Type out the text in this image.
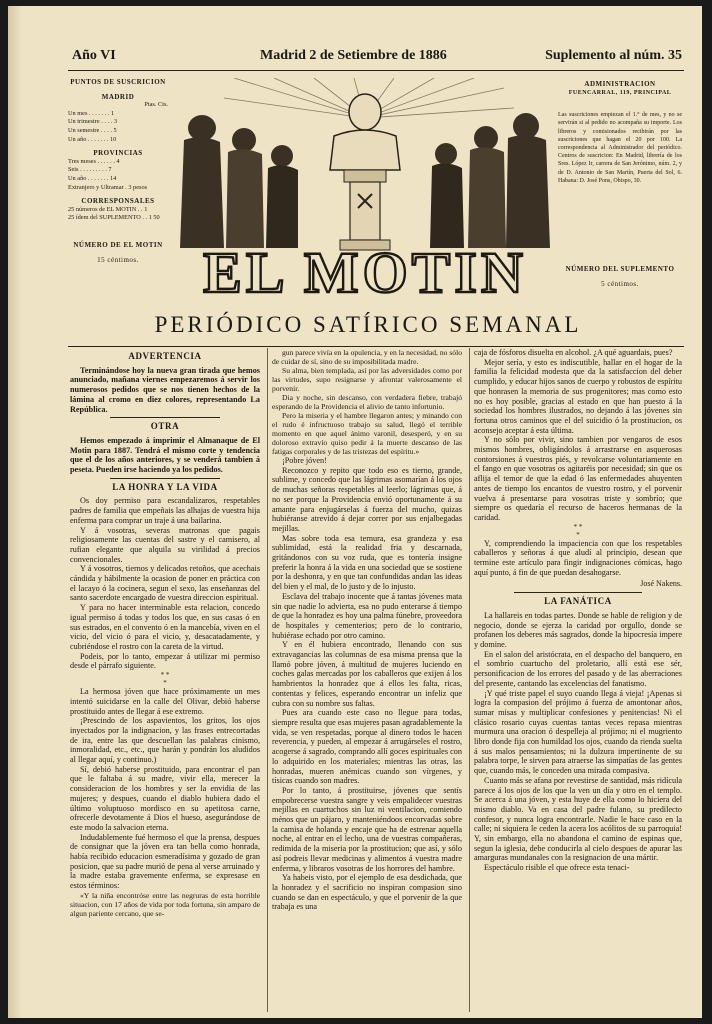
Año VI	Madrid 2 de Setiembre de 1886	Suplemento al núm. 35
PUNTOS DE SUSCRICION
MADRID
Ptas. Cts.
Un mes . . . . . . . 1
Un trimestre . . . . 3
Un semestre . . . . 5
Un año . . . . . . . 10
PROVINCIAS
Tres meses . . . . . . 4
Seis . . . . . . . . . 7
Un año . . . . . . . 14
Extranjero y Ultramar . 3 pesos
CORRESPONSALES
25 números de EL MOTIN . . 1
25 ídem del SUPLEMENTO . . 1 50
NÚMERO DE EL MOTIN
15 céntimos.
ADMINISTRACION
FUENCARRAL, 119, PRINCIPAL
Las suscriciones empiezan el 1.° de mes, y no se servirán si al pedido no acompaña su importe. Los libreros y comisionados recibirán por las suscriciones que hagan el 20 por 100. La correspondencia al Administrador del periódico. Centros de suscricion: En Madrid, librería de los Sres. López Ir, carrera de San Jerónimo, núm. 2, y de D. Antonio de San Martín, Puerta del Sol, 6. Habana: D. José Pons, Obispo, 30.
NÚMERO DEL SUPLEMENTO
5 céntimos.
EL MOTIN
PERIÓDICO SATÍRICO SEMANAL
ADVERTENCIA

Terminándose hoy la nueva gran tirada que hemos anunciado, mañana viernes empezaremos á servir los numerosos pedidos que se nos tienen hechos de la lámina al cromo en diez colores, representando La República.

OTRA

Hemos empezado á imprimir el Almanaque de El Motin para 1887. Tendrá el mismo corte y tendencia que el de los años anteriores, y se venderá tambien á peseta. Pueden irse haciendo ya los pedidos.

LA HONRA Y LA VIDA

Os doy permiso para escandalizaros, respetables padres de familia que empeñais las alhajas de vuestra hija enferma para comprar un traje á una bailarina.

Y á vosotras, severas matronas que pagais religiosamente las cuentas del sastre y el camisero, al rufian elegante que alquila su virilidad á precios convencionales.

Y á vosotros, tiernos y delicados retoños, que acechais cándida y hábilmente la ocasion de poner en práctica con el lacayo ó la cocinera, segun el sexo, las enseñanzas del santo sacerdote encargado de vuestra direccion espiritual.

Y para no hacer interminable esta relacion, concedo igual permiso á todas y todos los que, en sus casas ó en sus estrados, en el convento ó en la mancebía, viven en el vicio, del vicio ó para el vicio, y, desacatadamente, y cubriéndose el rostro con la careta de la virtud.

Podeis, por lo tanto, empezar á utilizar mi permiso desde el párrafo siguiente.

* *
*

La hermosa jóven que hace próximamente un mes intentó suicidarse en la calle del Olivar, debió haberse prostituido antes de llegar á ese extremo.

¡Prescindo de los aspavientos, los gritos, los ojos inyectados por la indignacion, y las frases entrecortadas de ira, entre las que descuellan las palabras cinismo, inmoralidad, etc., etc., que harán y pondrán los aludidos al llegar aquí, y continuo.)

Sí, debió haberse prostituido, para encontrar el pan que le faltaba á su madre, vivir ella, merecer la consideracion de los hombres y ser la envidia de las mujeres; y despues, cuando el diablo hubiera dado el último voluptuoso mordisco en su apetitosa carne, ofrecerle devotamente á Dios el hueso, asegurándose de este modo la salvacion eterna.

Indudablemente fué hermoso el que la prensa, despues de consignar que la jóven era tan bella como honrada, había recibido educacion esmeradísima y gozado de gran posicion, que su padre murió de pena al verse arruinado y la madre estaba gravemente enferma, se expresase en estos términos:

«Y la niña encontróse entre las negruras de esta horrible situacion, con 17 años de vida por toda fortuna, sin amparo de algun pariente cercano, que se-

gun parece vivía en la opulencia, y en la necesidad, no sólo de cuidar de sí, sino de su imposibilitada madre.

Su alma, bien templada, así por las adversidades como por las virtudes, supo resignarse y afrontar valerosamente el porvenir.

Dia y noche, sin descanso, con verdadera fiebre, trabajó esperando de la Providencia el alivio de tanto infortunio.

Pero la miseria y el hambre llegaron antes; y minando con el rudo é infructuoso trabajo su salud, llegó el terrible momento en que aquel ánimo varonil, desesperó, y en su doloroso extravío quiso pedir á la muerte descanso de las fatigas corporales y de las tristezas del espíritu.»

¡Pobre jóven!

Reconozco y repito que todo eso es tierno, grande, sublime, y concedo que las lágrimas asomarían á los ojos de muchas señoras respetables al leerlo; lágrimas que, á no ser porque la Providencia envió oportunamente á su amante para enjugárselas á fuerza del mucho, quizas hubiéranse atrevido á dejar correr por sus enjalbegadas mejillas.

Mas sobre toda esa ternura, esa grandeza y esa sublimidad, está la realidad fria y descarnada, gritándonos con su voz ruda, que es tontería insigne preferir la honra á la vida en una sociedad que se sostiene por la deshonra, y en que tan confundidas andan las ideas del bien y el mal, de lo justo y de lo injusto.

Esclava del trabajo inocente que á tantas jóvenes mata sin que nadie lo advierta, esa no pudo enterarse á tiempo de que la honradez es hoy una palma fúnebre, proveedora de hospitales y cementerios; pero de lo contrario, hubiérase echado por otro camino.

Y en él hubiera encontrado, llenando con sus extravagancias las columnas de esa misma prensa que la llamó pobre jóven, á multitud de mujeres luciendo en coches galas mercadas por los caballeros que exijen á los hambrientos la honradez que á ellos les falta, ricas, contentas y felices, esperando encontrar un infeliz que cubra con su nombre sus faltas.

Pues ara cuando este caso no llegue para todas, siempre resulta que esas mujeres pasan agradablemente la vida, se ven respetadas, porque al dinero todos le hacen reverencia, y pueden, al empezar á arrugárseles el rostro, acogerse á sagrado, comprando allí goces espirituales con lo adquirido en los materiales; mientras las otras, las honradas, mueren anémicas cuando son vírgenes, y tísicas cuando son madres.

Por lo tanto, á prostituirse, jóvenes que sentís empobrecerse vuestra sangre y veis empalidecer vuestras mejillas en cuartuchos sin luz ni ventilacion, comiendo ménos que un pájaro, y manteniéndoos encorvadas sobre la camisa de holanda y encaje que ha de estrenar aquella noche, al entrar en el lecho, una de vuestras compañeras, redimida de la miseria por la prostitucion; que así, y sólo así podreis llevar medicinas y alimentos á vuestra madre enferma, y libraros vosotras de los horrores del hambre.

Ya habeis visto, por el ejemplo de esa desdichada, que la honradez y el sacrificio no inspiran compasion sino cuando se dan en espectáculo, y que el porvenir de la que trabaja es una

caja de fósforos disuelta en alcohol. ¿A qué aguardais, pues?

Mejor sería, y esto es indiscutible, hallar en el hogar de la familia la felicidad modesta que da la satisfaccion del deber cumplido, y educar hijos sanos de cuerpo y robustos de espíritu que honrasen la memoria de sus progenitores; mas como esto no es hoy posible, gracias al estado en que han puesto á la sociedad los hombres ilustrados, no dejando á las jóvenes sin fortuna otros caminos que el del suicidio ó la prostitucion, os aconsejo aceptar á esta última.

Y no sólo por vivir, sino tambien por vengaros de esos mismos hombres, obligándolos á arrastrarse en asquerosas contorsiones á vuestros piés, y revolcarse voluntariamente en el fango en que vosotras os agitaréis por necesidad; sin que os aflija el temor de que la edad ó las enfermedades ahuyenten antes de tiempo los encantos de vuestro rostro, y el porvenir vuelva á presentarse para vosotras triste y sombrío; que siempre os quedaría el recurso de haceros hermanas de la caridad.

* *
*

Y, comprendiendo la impaciencia con que los respetables caballeros y señoras á que aludí al principio, desean que termine este artículo para fingir indignaciones cómicas, hago aquí punto, á fin de que puedan desahogarse.

José Nakens.
LA FANÁTICA

La hallareis en todas partes. Donde se hable de religion y de negocio, donde se ejerza la caridad por orgullo, donde se profanen los deberes más sagrados, donde la hipocresía impere y domine.

En el salon del aristócrata, en el despacho del banquero, en el sombrío cuartucho del proletario, allí está ese sér, personificacion de los errores del pasado y de las aberraciones del presente, cantando las excelencias del fanatismo.

¡Y qué triste papel el suyo cuando llega á vieja! ¡Apenas si logra la compasion del prójimo á fuerza de amontonar años, sumar misas y multiplicar confesiones y penitencias! Ni el clásico rosario cuyas cuentas tantas veces repasa mientras murmura una oracion ó despelleja al prójimo; ni el mugriento libro donde fija con humildad los ojos, cuando da rienda suelta á sus malos pensamientos; ni la dulzura impertinente de su palabra torpe, le sirven para atraerse las simpatías de las gentes que, cuando más, le conceden una mirada compasiva.

Cuanto más se afana por revestirse de santidad, más ridícula parece á los ojos de los que la ven un día y otro en el templo. Se acerca á una jóven, y esta huye de ella como lo hiciera del mismo diablo. Va en casa del padre fulano, su predilecto confesor, y nunca logra encontrarle. Nadie le hace caso en la calle; ni siquiera le ceden la acera los acólitos de su parroquia! Y, sin embargo, ella no abandona el camino de espinas que, segun la iglesia, debe conducirla al cielo despues de apurar las amarguras mundanales con la resignacion de una mártir.

Espectáculo risible el que ofrece esta tenaci-
